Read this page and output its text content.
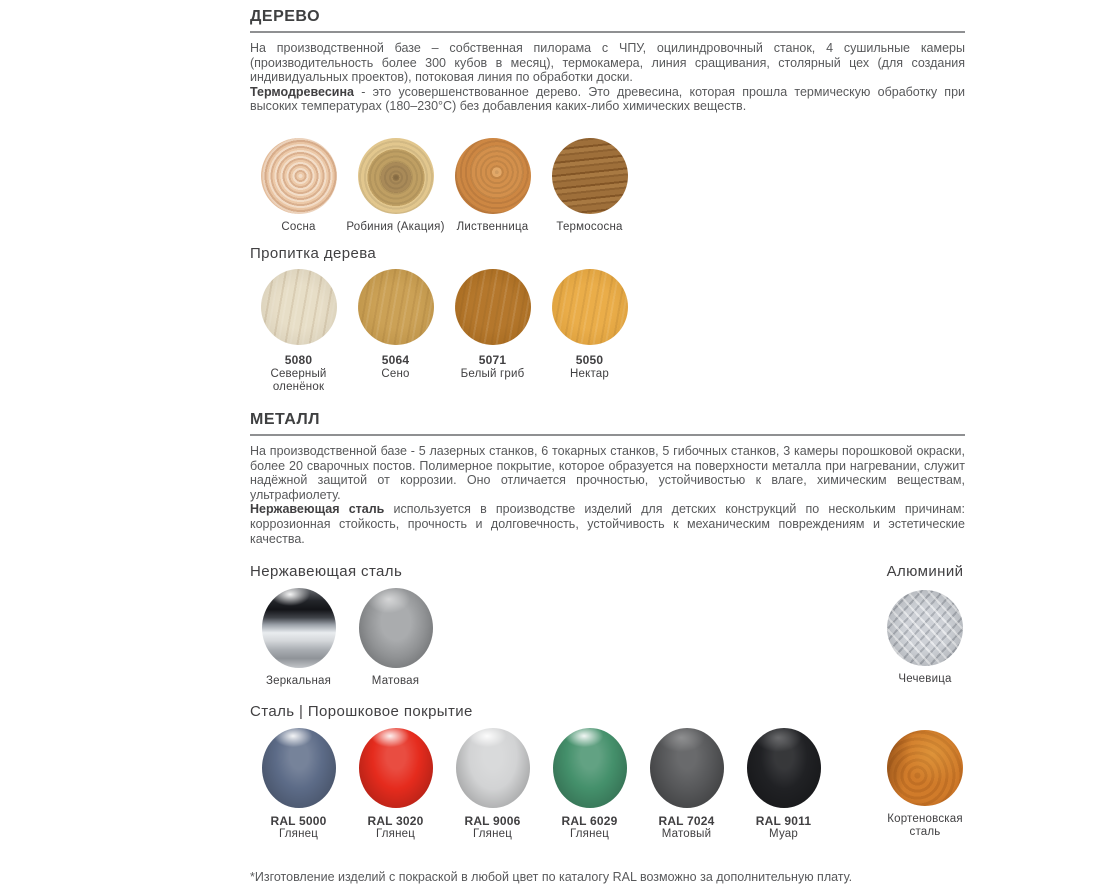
ДЕРЕВО

На производственной базе – собственная пилорама с ЧПУ, оцилиндровочный станок, 4 сушильные камеры (производительность более 300 кубов в месяц), термокамера, линия сращивания, столярный цех (для создания индивидуальных проектов), потоковая линия по обработки доски.

Термодревесина - это усовершенствованное дерево. Это древесина, которая прошла термическую обработку при высоких температурах (180–230°С) без добавления каких-либо химических веществ.

Сосна	Робиния (Акация) Лиственница Термососна
Пропитка дерева
5080
Северный оленёнок
5064
Сено
5071
Белый гриб
5050
Нектар
МЕТАЛЛ

На производственной базе - 5 лазерных станков, 6 токарных станков, 5 гибочных станков, 3 камеры порошковой окраски, более 20 сварочных постов. Полимерное покрытие, которое образуется на поверхности металла при нагревании, служит надёжной защитой от коррозии. Оно отличается прочностью, устойчивостью к влаге, химическим веществам, ультрафиолету.

Нержавеющая сталь используется в производстве изделий для детских конструкций по нескольким причинам: коррозионная стойкость, прочность и долговечность, устойчивость к механическим повреждениям и эстетические качества.

Нержавеющая сталь	Алюминий
Зеркальная	Матовая	Чечевица
Сталь | Порошковое покрытие
RAL 5000
Глянец
RAL 3020
Глянец
RAL 9006
Глянец
RAL 6029
Глянец
RAL 7024
Матовый
RAL 9011
Муар
Кортеновская сталь
*Изготовление изделий с покраской в любой цвет по каталогу RAL возможно за дополнительную плату.
